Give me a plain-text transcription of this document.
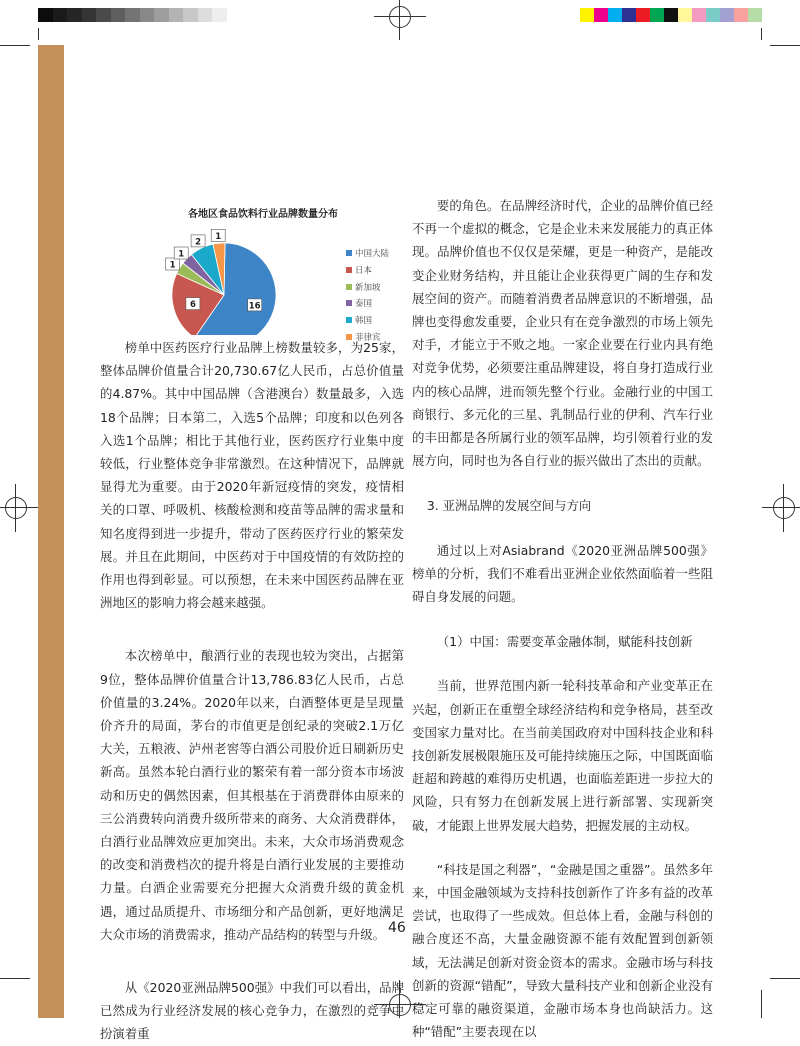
16
6
1
1
2
1
各地区食品饮料行业品牌数量分布
中国大陆
日本
新加坡
泰国
韩国
菲律宾

榜单中医药医疗行业品牌上榜数量较多，为25家，整体品牌价值量合计20,730.67亿人民币，占总价值量的4.87%。其中中国品牌（含港澳台）数量最多，入选18个品牌；日本第二，入选5个品牌；印度和以色列各入选1个品牌；相比于其他行业，医药医疗行业集中度较低，行业整体竞争非常激烈。在这种情况下，品牌就显得尤为重要。由于2020年新冠疫情的突发，疫情相关的口罩、呼吸机、核酸检测和疫苗等品牌的需求量和知名度得到进一步提升，带动了医药医疗行业的繁荣发展。并且在此期间，中医药对于中国疫情的有效防控的作用也得到彰显。可以预想，在未来中国医药品牌在亚洲地区的影响力将会越来越强。

本次榜单中，酿酒行业的表现也较为突出，占据第9位，整体品牌价值量合计13,786.83亿人民币，占总价值量的3.24%。2020年以来，白酒整体更是呈现量价齐升的局面，茅台的市值更是创纪录的突破2.1万亿大关，五粮液、泸州老窖等白酒公司股价近日刷新历史新高。虽然本轮白酒行业的繁荣有着一部分资本市场波动和历史的偶然因素，但其根基在于消费群体由原来的三公消费转向消费升级所带来的商务、大众消费群体，白酒行业品牌效应更加突出。未来，大众市场消费观念的改变和消费档次的提升将是白酒行业发展的主要推动力量。白酒企业需要充分把握大众消费升级的黄金机遇，通过品质提升、市场细分和产品创新，更好地满足大众市场的消费需求，推动产品结构的转型与升级。

从《2020亚洲品牌500强》中我们可以看出，品牌已然成为行业经济发展的核心竞争力，在激烈的竞争中扮演着重

要的角色。在品牌经济时代，企业的品牌价值已经不再一个虚拟的概念，它是企业未来发展能力的真正体现。品牌价值也不仅仅是荣耀，更是一种资产，是能改变企业财务结构，并且能让企业获得更广阔的生存和发展空间的资产。而随着消费者品牌意识的不断增强，品牌也变得愈发重要，企业只有在竞争激烈的市场上领先对手，才能立于不败之地。一家企业要在行业内具有绝对竞争优势，必须要注重品牌建设，将自身打造成行业内的核心品牌，进而领先整个行业。金融行业的中国工商银行、多元化的三星、乳制品行业的伊利、汽车行业的丰田都是各所属行业的领军品牌，均引领着行业的发展方向，同时也为各自行业的振兴做出了杰出的贡献。

3. 亚洲品牌的发展空间与方向

通过以上对Asiabrand《2020亚洲品牌500强》榜单的分析，我们不难看出亚洲企业依然面临着一些阻碍自身发展的问题。

（1）中国：需要变革金融体制，赋能科技创新

当前，世界范围内新一轮科技革命和产业变革正在兴起，创新正在重塑全球经济结构和竞争格局，甚至改变国家力量对比。在当前美国政府对中国科技企业和科技创新发展极限施压及可能持续施压之际，中国既面临赶超和跨越的难得历史机遇，也面临差距进一步拉大的风险，只有努力在创新发展上进行新部署、实现新突破，才能跟上世界发展大趋势，把握发展的主动权。

“科技是国之利器”，“金融是国之重器”。虽然多年来，中国金融领域为支持科技创新作了许多有益的改革尝试，也取得了一些成效。但总体上看，金融与科创的融合度还不高，大量金融资源不能有效配置到创新领域，无法满足创新对资金资本的需求。金融市场与科技创新的资源“错配”，导致大量科技产业和创新企业没有稳定可靠的融资渠道，金融市场本身也尚缺活力。这种“错配”主要表现在以

46
